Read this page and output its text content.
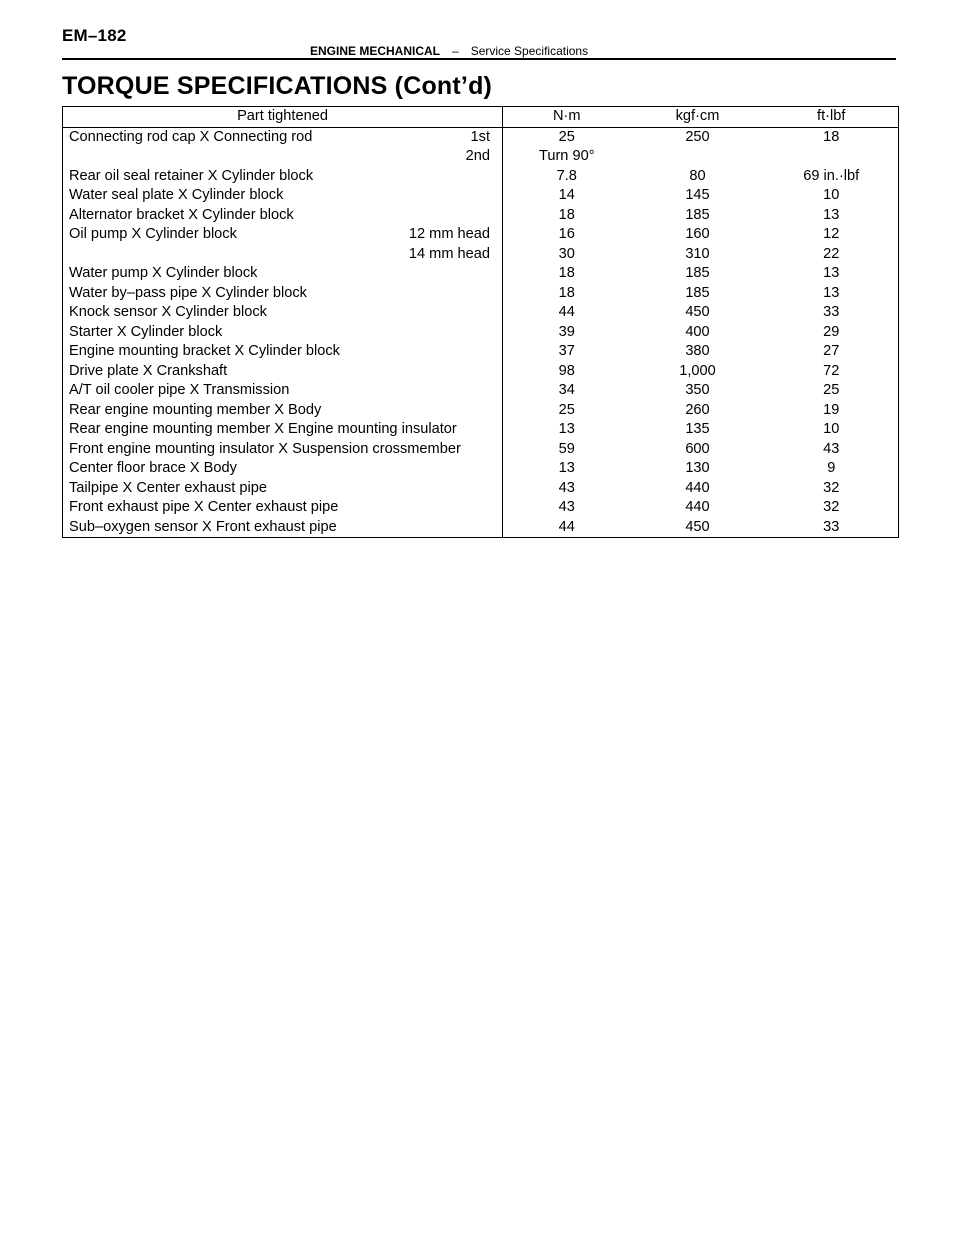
EM–182
ENGINE MECHANICAL – Service Specifications
TORQUE SPECIFICATIONS (Cont’d)
Part tightened		N·m	kgf·cm	ft·lbf
Connecting rod cap X Connecting rod	1st	25	250	18
	2nd	Turn 90°		
Rear oil seal retainer X Cylinder block		7.8	80	69 in.·lbf
Water seal plate X Cylinder block		14	145	10
Alternator bracket X Cylinder block		18	185	13
Oil pump X Cylinder block	12 mm head	16	160	12
	14 mm head	30	310	22
Water pump X Cylinder block		18	185	13
Water by–pass pipe X Cylinder block		18	185	13
Knock sensor X Cylinder block		44	450	33
Starter X Cylinder block		39	400	29
Engine mounting bracket X Cylinder block		37	380	27
Drive plate X Crankshaft		98	1,000	72
A/T oil cooler pipe X Transmission		34	350	25
Rear engine mounting member X Body		25	260	19
Rear engine mounting member X Engine mounting insulator		13	135	10
Front engine mounting insulator X Suspension crossmember		59	600	43
Center floor brace X Body		13	130	9
Tailpipe X Center exhaust pipe		43	440	32
Front exhaust pipe X Center exhaust pipe		43	440	32
Sub–oxygen sensor X Front exhaust pipe		44	450	33
